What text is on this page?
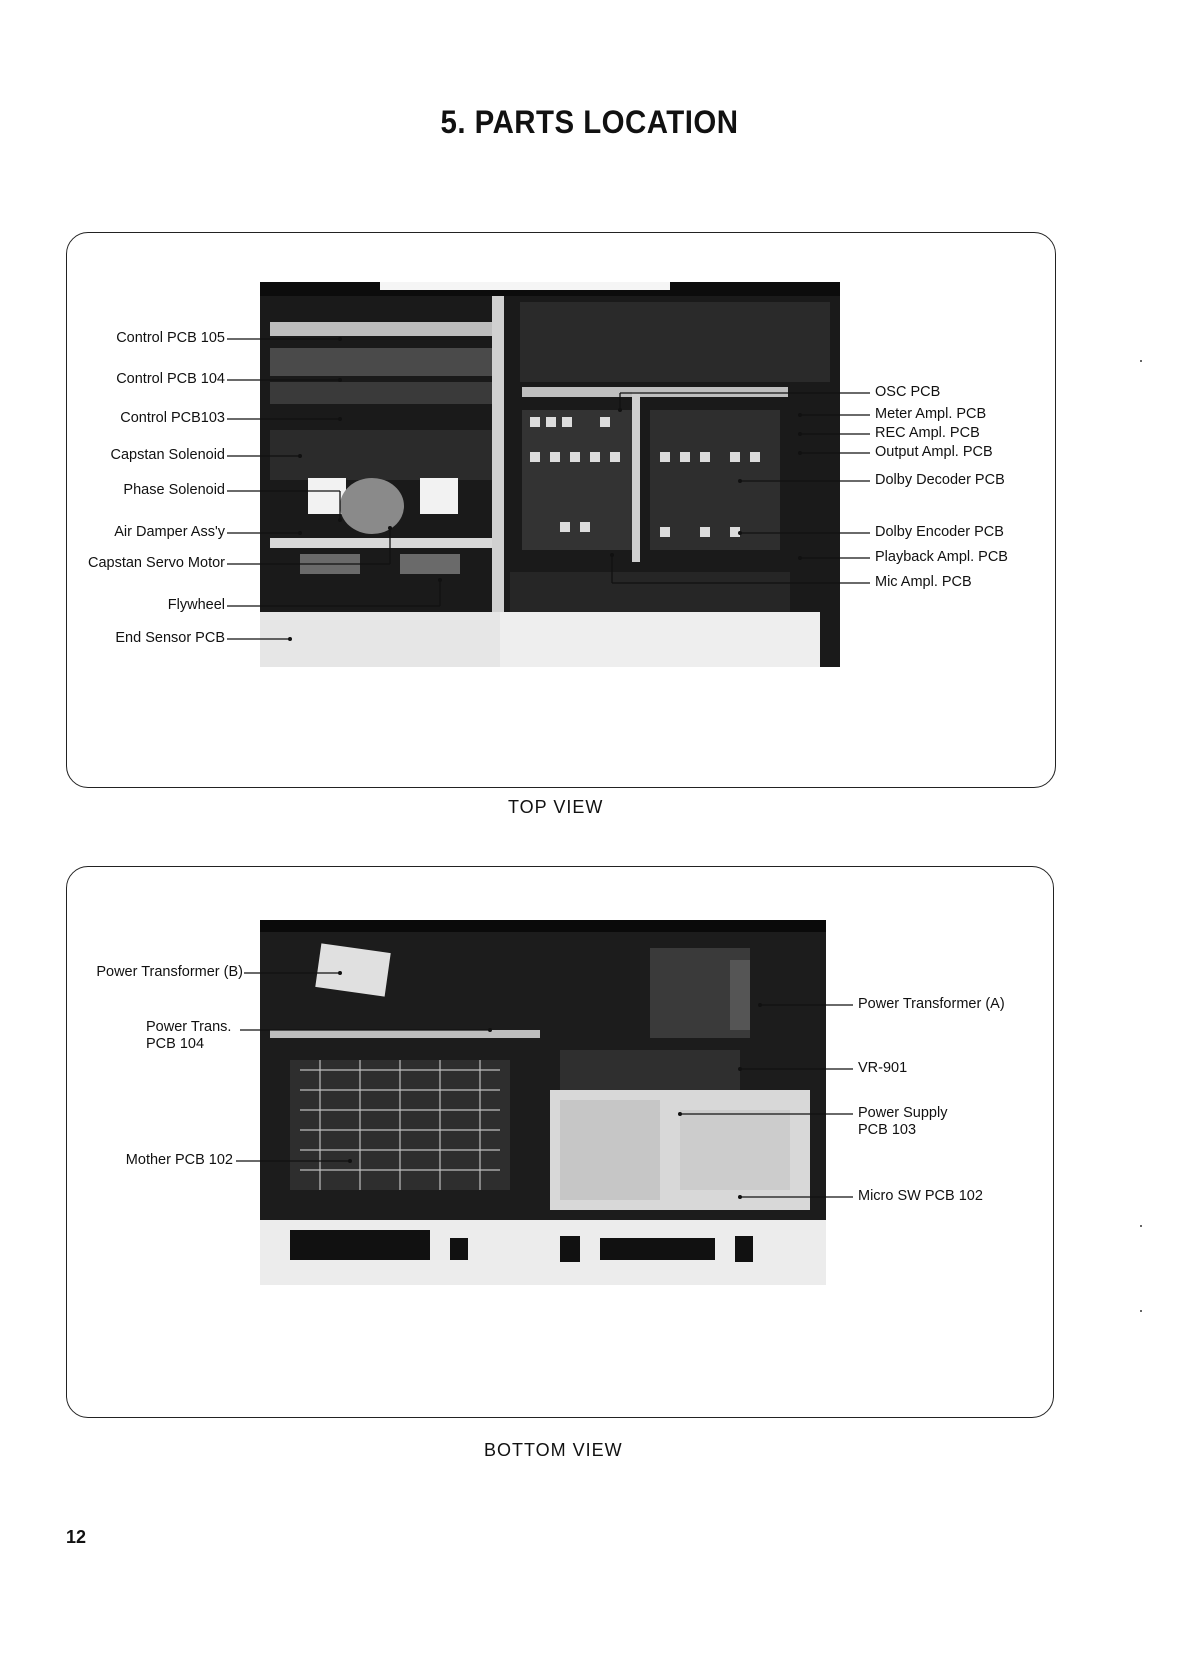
5. PARTS LOCATION
Control PCB 105
Control PCB 104
Control PCB103
Capstan Solenoid
Phase Solenoid
Air Damper Ass'y
Capstan Servo Motor
Flywheel
End Sensor PCB
OSC PCB
Meter Ampl. PCB
REC Ampl. PCB
Output Ampl. PCB
Dolby Decoder PCB
Dolby Encoder PCB
Playback Ampl. PCB
Mic Ampl. PCB
TOP VIEW
Power Transformer (B)
Power Trans.
PCB 104
Mother PCB 102
Power Transformer (A)
VR-901
Power Supply
PCB 103
Micro SW PCB 102
BOTTOM VIEW
12
